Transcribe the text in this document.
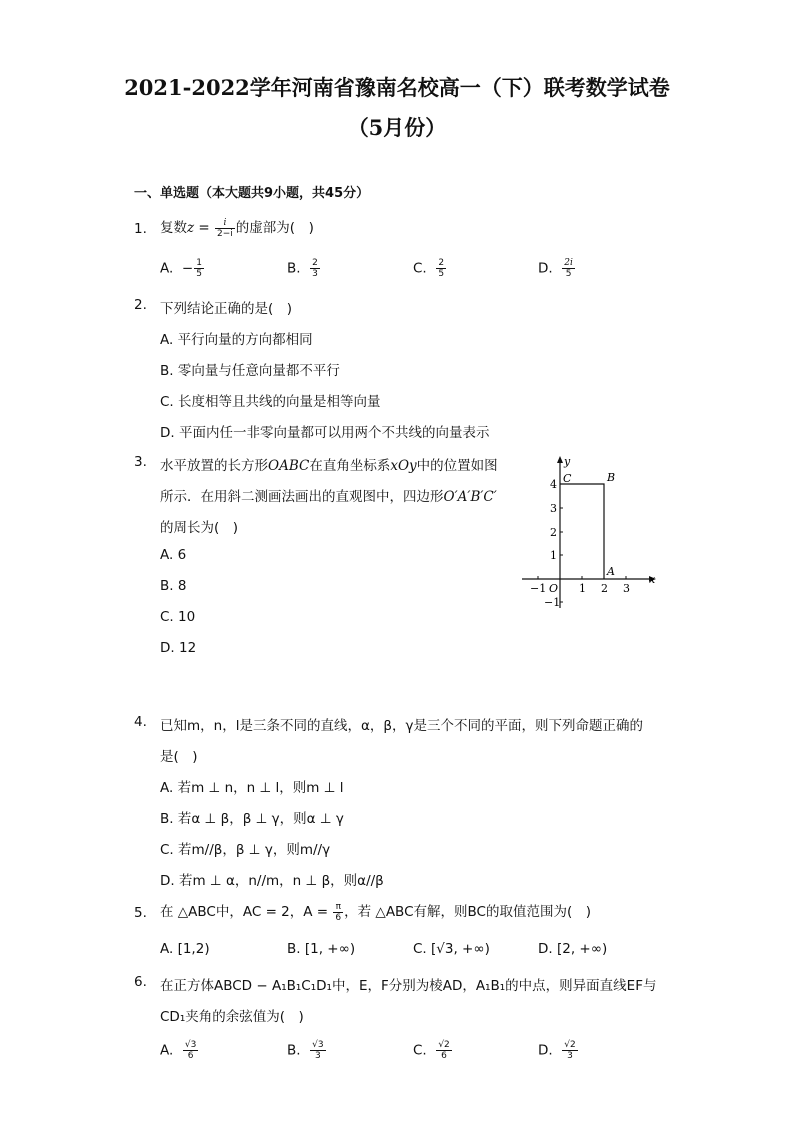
2021-2022学年河南省豫南名校高一（下）联考数学试卷
（5月份）
一、单选题（本大题共9小题，共45分）
1. 复数$z = \frac{i}{2-i}$ 的虚部为(　)
A. − $\frac{1}{5}$	B. $\frac{2}{3}$	C. $\frac{2}{5}$	D. $\frac{2i}{5}$
2. 下列结论正确的是(　)
A. 平行向量的方向都相同
B. 零向量与任意向量都不平行
C. 长度相等且共线的向量是相等向量
D. 平面内任一非零向量都可以用两个不共线的向量表示
3. 水平放置的长方形OABC在直角坐标系xOy中的位置如图
所示．在用斜二测画法画出的直观图中，四边形O′A′B′C′
的周长为(　)
A. 6
B. 8
C. 10
D. 12
y
x
O
A
B
C
−1	1 2 3
4
3
2
1
−1
4. 已知m，n，l是三条不同的直线，α，β，γ是三个不同的平面，则下列命题正确的
是(　)
A. 若m ⊥ n，n ⊥ l，则m ⊥ l
B. 若α ⊥ β，β ⊥ γ，则α ⊥ γ
C. 若m//β，β ⊥ γ，则m//γ
D. 若m ⊥ α，n//m，n ⊥ β，则α//β
5. 在 △ABC中，AC = 2，$A = \frac{\pi}{6}$ ，若 △ABC有解，则BC的取值范围为(　)
A. [1,2)	B. [1, +∞)	C. [√3, +∞)	D. [2, +∞)
6. 在正方体ABCD − A₁B₁C₁D₁中，E，F分别为棱AD，A₁B₁的中点，则异面直线EF与
CD₁夹角的余弦值为(　)
A. $\frac{√3}{6}$	B. $\frac{√3}{3}$	C. $\frac{√2}{6}$	D. $\frac{√2}{3}$
